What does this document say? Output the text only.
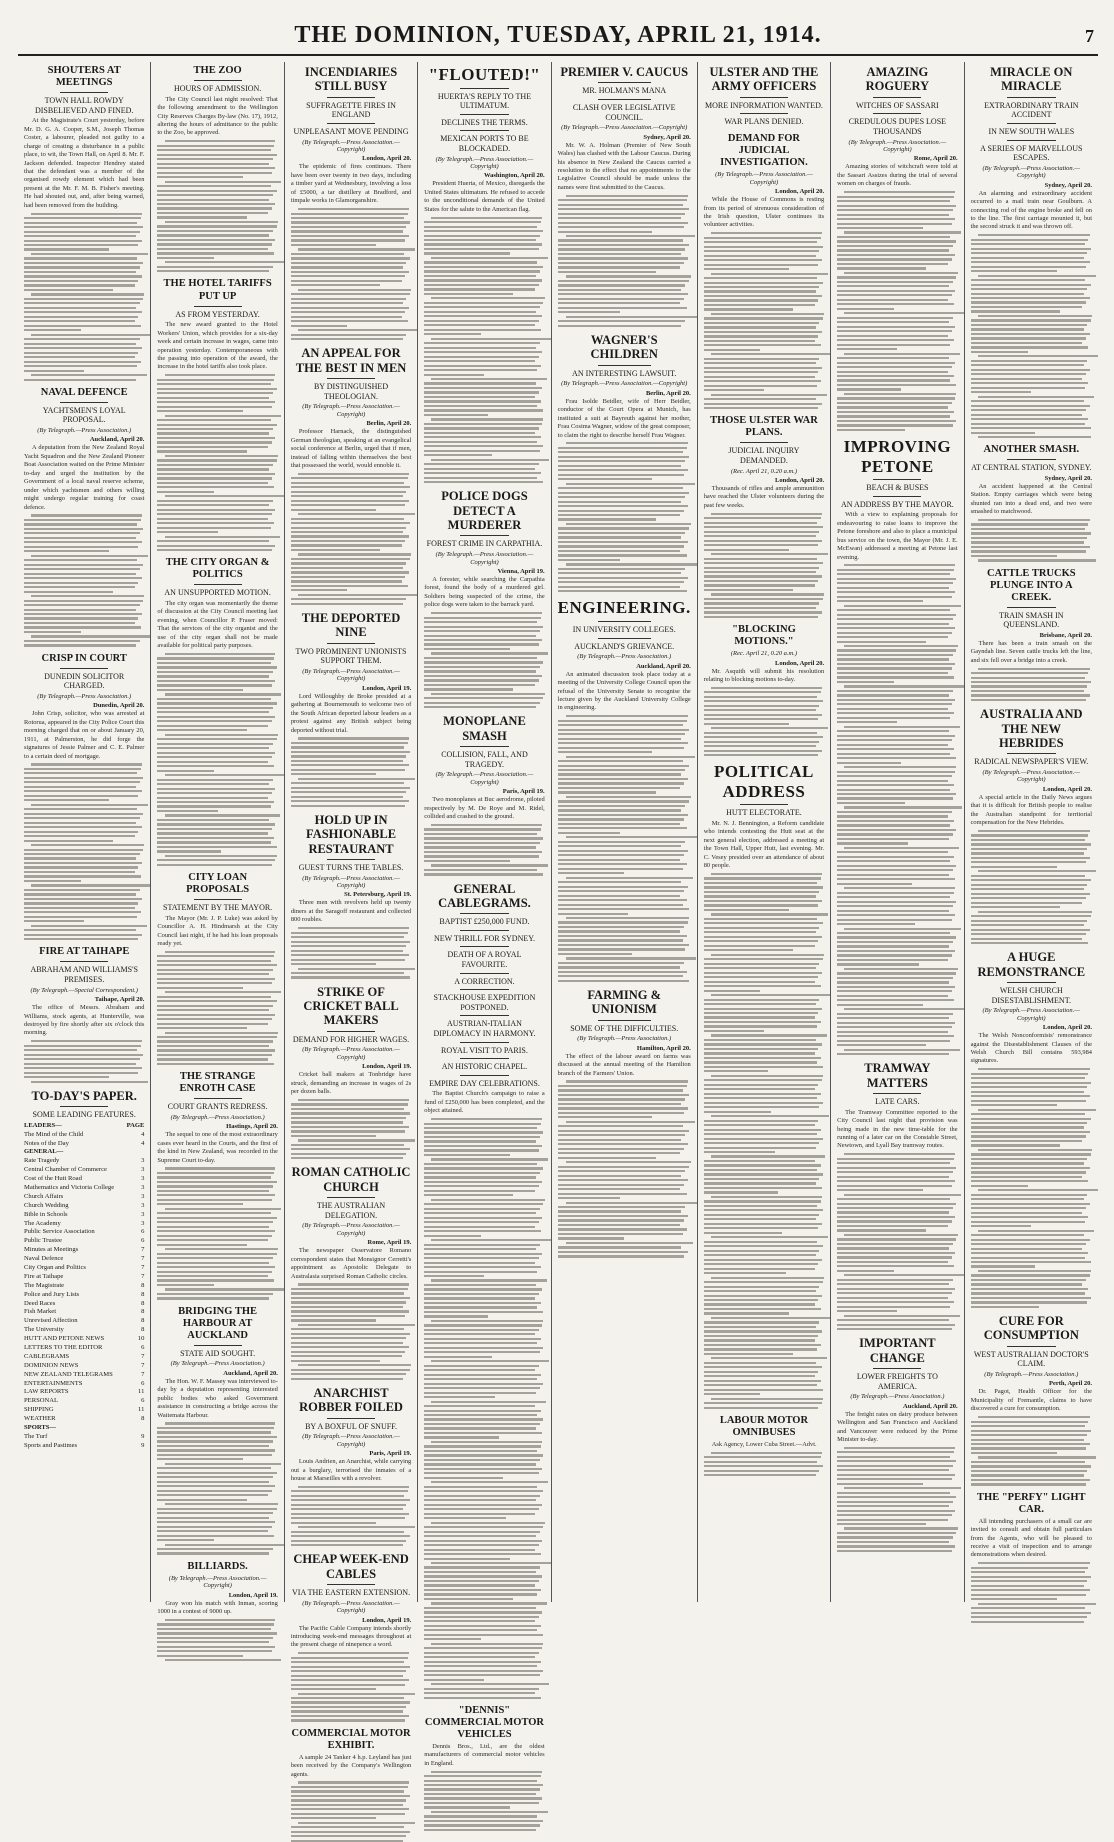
THE DOMINION, TUESDAY, APRIL 21, 1914.	7
SHOUTERS AT MEETINGS
TOWN HALL ROWDY DISBELIEVED AND FINED.

At the Magistrate's Court yesterday, before Mr. D. G. A. Cooper, S.M., Joseph Thomas Coster, a labourer, pleaded not guilty to a charge of creating a disturbance in a public place, to wit, the Town Hall, on April 8. Mr. F. Jackson defended. Inspector Hendrey stated that the defendant was a member of the organised rowdy element which had been present at the Mr. F. M. B. Fisher's meeting. He had shouted out, and, after being warned, had been removed from the building.

NAVAL DEFENCE
YACHTSMEN'S LOYAL PROPOSAL.
(By Telegraph.—Press Association.)
Auckland, April 20.

A deputation from the New Zealand Royal Yacht Squadron and the New Zealand Pioneer Boat Association waited on the Prime Minister to-day and urged the institution by the Government of a local naval reserve scheme, under which yachtsmen and others willing might undergo regular training for coast defence.

CRISP IN COURT
DUNEDIN SOLICITOR CHARGED.
(By Telegraph.—Press Association.)
Dunedin, April 20.

John Crisp, solicitor, who was arrested at Rotorua, appeared in the City Police Court this morning charged that on or about January 20, 1911, at Palmerston, he did forge the signatures of Jessie Palmer and C. E. Palmer to a certain deed of mortgage.

FIRE AT TAIHAPE
ABRAHAM AND WILLIAMS'S PREMISES.
(By Telegraph.—Special Correspondent.)
Taihape, April 20.

The office of Messrs. Abraham and Williams, stock agents, at Hunterville, was destroyed by fire shortly after six o'clock this morning.

TO-DAY'S PAPER.
SOME LEADING FEATURES.
LEADERS—	PAGE
The Mind of the Child	4
Notes of the Day	4
GENERAL—
Rate Tragedy	3
Central Chamber of Commerce	3
Cost of the Hutt Road	3
Mathematics and Victoria College	3
Church Affairs	3
Church Wedding	3
Bible in Schools	3
The Academy	3
Public Service Association	6
Public Trustee	6
Minutes at Meetings	7
Naval Defence	7
City Organ and Politics	7
Fire at Taihape	7
The Magistrate	8
Police and Jury Lists	8
Deed Races	8
Fish Market	8
Unrevised Affection	8
The University	8
HUTT AND PETONE NEWS	10
LETTERS TO THE EDITOR	6
CABLEGRAMS	7
DOMINION NEWS	7
NEW ZEALAND TELEGRAMS	7
ENTERTAINMENTS	6
LAW REPORTS	11
PERSONAL	6
SHIPPING	11
WEATHER	8
SPORTS—
The Turf	9
Sports and Pastimes	9
THE ZOO
HOURS OF ADMISSION.

The City Council last night resolved: That the following amendment to the Wellington City Reserves Charges By-law (No. 17), 1912, altering the hours of admittance to the public to the Zoo, be approved.

THE HOTEL TARIFFS PUT UP
AS FROM YESTERDAY.

The new award granted to the Hotel Workers' Union, which provides for a six-day week and certain increase in wages, came into operation yesterday. Contemporaneous with the passing into operation of the award, the increase in the hotel tariffs also took place.

THE CITY ORGAN & POLITICS
AN UNSUPPORTED MOTION.

The city organ was momentarily the theme of discussion at the City Council meeting last evening, when Councillor P. Fraser moved: That the services of the city organist and the use of the city organ shall not be made available for political party purposes.

CITY LOAN PROPOSALS
STATEMENT BY THE MAYOR.

The Mayor (Mr. J. P. Luke) was asked by Councillor A. H. Hindmarsh at the City Council last night, if he had his loan proposals ready yet.

THE STRANGE ENROTH CASE
COURT GRANTS REDRESS.
(By Telegraph.—Press Association.)
Hastings, April 20.

The sequel to one of the most extraordinary cases ever heard in the Courts, and the first of the kind in New Zealand, was recorded in the Supreme Court to-day.

BRIDGING THE HARBOUR AT AUCKLAND
STATE AID SOUGHT.
(By Telegraph.—Press Association.)
Auckland, April 20.

The Hon. W. F. Massey was interviewed to-day by a deputation representing interested public bodies who asked Government assistance in constructing a bridge across the Waitemata Harbour.

BILLIARDS.
(By Telegraph.—Press Association.—Copyright)
London, April 19.

Gray won his match with Inman, scoring 1000 in a contest of 9000 up.

INCENDIARIES STILL BUSY
SUFFRAGETTE FIRES IN ENGLAND
UNPLEASANT MOVE PENDING
(By Telegraph.—Press Association.—Copyright)
London, April 20.

The epidemic of fires continues. There have been over twenty in two days, including a timber yard at Wednesbury, involving a loss of £5000, a tar distillery at Bradford, and timpale works in Glamorganshire.

AN APPEAL FOR THE BEST IN MEN
BY DISTINGUISHED THEOLOGIAN.
(By Telegraph.—Press Association.—Copyright)
Berlin, April 20.

Professor Harnack, the distinguished German theologian, speaking at an evangelical social conference at Berlin, urged that if men, instead of falling within themselves the best that possessed the world, would ennoble it.

THE DEPORTED NINE
TWO PROMINENT UNIONISTS SUPPORT THEM.
(By Telegraph.—Press Association.—Copyright)
London, April 19.

Lord Willoughby de Broke presided at a gathering at Bournemouth to welcome two of the South African deported labour leaders as a protest against any British subject being deported without trial.

HOLD UP IN FASHIONABLE RESTAURANT
GUEST TURNS THE TABLES.
(By Telegraph.—Press Association.—Copyright)
St. Petersburg, April 19.

Three men with revolvers held up twenty diners at the Saragoff restaurant and collected 800 roubles.

STRIKE OF CRICKET BALL MAKERS
DEMAND FOR HIGHER WAGES.
(By Telegraph.—Press Association.—Copyright)
London, April 19.

Cricket ball makers at Tonbridge have struck, demanding an increase in wages of 2s per dozen balls.

ROMAN CATHOLIC CHURCH
THE AUSTRALIAN DELEGATION.
(By Telegraph.—Press Association.—Copyright)
Rome, April 19.

The newspaper Osservatore Romano correspondent states that Monsignor Cerretti's appointment as Apostolic Delegate to Australasia surprised Roman Catholic circles.

ANARCHIST ROBBER FOILED
BY A BOXFUL OF SNUFF.
(By Telegraph.—Press Association.—Copyright)
Paris, April 19.

Louis Andrien, an Anarchist, while carrying out a burglary, terrorised the inmates of a house at Marseilles with a revolver.

CHEAP WEEK-END CABLES
VIA THE EASTERN EXTENSION.
(By Telegraph.—Press Association.—Copyright)
London, April 19.

The Pacific Cable Company intends shortly introducing week-end messages throughout at the present charge of ninepence a word.

COMMERCIAL MOTOR EXHIBIT.

A sample 24 Tanker 4 h.p. Leyland has just been received by the Company's Wellington agents.

"FLOUTED!"
HUERTA'S REPLY TO THE ULTIMATUM.
DECLINES THE TERMS.
MEXICAN PORTS TO BE BLOCKADED.
(By Telegraph.—Press Association.—Copyright)
Washington, April 20.

President Huerta, of Mexico, disregards the United States ultimatum. He refused to accede to the unconditional demands of the United States for the salute to the American flag.

POLICE DOGS DETECT A MURDERER
FOREST CRIME IN CARPATHIA.
(By Telegraph.—Press Association.—Copyright)
Vienna, April 19.

A forester, while searching the Carpathia forest, found the body of a murdered girl. Soldiers being suspected of the crime, the police dogs were taken to the barrack yard.

MONOPLANE SMASH
COLLISION, FALL, AND TRAGEDY.
(By Telegraph.—Press Association.—Copyright)
Paris, April 19.

Two monoplanes at Buc aerodrome, piloted respectively by M. De Roye and M. Ridel, collided and crashed to the ground.

GENERAL CABLEGRAMS.
BAPTIST £250,000 FUND.
NEW THRILL FOR SYDNEY.
DEATH OF A ROYAL FAVOURITE.
A CORRECTION.
STACKHOUSE EXPEDITION POSTPONED.
AUSTRIAN-ITALIAN DIPLOMACY IN HARMONY.
ROYAL VISIT TO PARIS.
AN HISTORIC CHAPEL.
EMPIRE DAY CELEBRATIONS.

The Baptist Church's campaign to raise a fund of £250,000 has been completed, and the object attained.

"DENNIS" COMMERCIAL MOTOR VEHICLES

Dennis Bros., Ltd., are the oldest manufacturers of commercial motor vehicles in England.

PREMIER V. CAUCUS
MR. HOLMAN'S MANA
CLASH OVER LEGISLATIVE COUNCIL.
(By Telegraph.—Press Association.—Copyright)
Sydney, April 20.

Mr. W. A. Holman (Premier of New South Wales) has clashed with the Labour Caucus. During his absence in New Zealand the Caucus carried a resolution to the effect that no appointments to the Legislative Council should be made unless the names were first submitted to the Caucus.

WAGNER'S CHILDREN
AN INTERESTING LAWSUIT.
(By Telegraph.—Press Association.—Copyright)
Berlin, April 20.

Frau Isolde Beidler, wife of Herr Beidler, conductor of the Court Opera at Munich, has instituted a suit at Bayreuth against her mother, Frau Cosima Wagner, widow of the great composer, to claim the right to describe herself Frau Wagner.

ENGINEERING.
IN UNIVERSITY COLLEGES.
AUCKLAND'S GRIEVANCE.
(By Telegraph.—Press Association.)
Auckland, April 20.

An animated discussion took place today at a meeting of the University College Council upon the refusal of the University Senate to recognise the lecture given by the Auckland University College in engineering.

FARMING & UNIONISM
SOME OF THE DIFFICULTIES.
(By Telegraph.—Press Association.)
Hamilton, April 20.

The effect of the labour award on farms was discussed at the annual meeting of the Hamilton branch of the Farmers' Union.

ULSTER AND THE ARMY OFFICERS
MORE INFORMATION WANTED.
WAR PLANS DENIED.
DEMAND FOR JUDICIAL INVESTIGATION.
(By Telegraph.—Press Association.—Copyright)
London, April 20.

While the House of Commons is resting from its period of strenuous consideration of the Irish question, Ulster continues its volunteer activities.

THOSE ULSTER WAR PLANS.
JUDICIAL INQUIRY DEMANDED.
(Rec. April 21, 0.20 a.m.)
London, April 20.

Thousands of rifles and ample ammunition have reached the Ulster volunteers during the past few weeks.

"BLOCKING MOTIONS."
(Rec. April 21, 0.20 a.m.)
London, April 20.

Mr. Asquith will submit his resolution relating to blocking motions to-day.

POLITICAL ADDRESS
HUTT ELECTORATE.

Mr. N. J. Bennington, a Reform candidate who intends contesting the Hutt seat at the next general election, addressed a meeting at the Town Hall, Upper Hutt, last evening. Mr. C. Vesey presided over an attendance of about 80 people.

LABOUR MOTOR OMNIBUSES

Ask Agency, Lower Cuba Street.—Advt.

AMAZING ROGUERY
WITCHES OF SASSARI
CREDULOUS DUPES LOSE THOUSANDS
(By Telegraph.—Press Association.—Copyright)
Rome, April 20.

Amazing stories of witchcraft were told at the Sassari Assizes during the trial of several women on charges of frauds.

IMPROVING PETONE
BEACH & BUSES
AN ADDRESS BY THE MAYOR.

With a view to explaining proposals for endeavouring to raise loans to improve the Petone foreshore and also to place a municipal bus service on the town, the Mayor (Mr. J. E. McEwan) addressed a meeting at Petone last evening.

TRAMWAY MATTERS
LATE CARS.

The Tramway Committee reported to the City Council last night that provision was being made in the new time-table for the running of a later car on the Constable Street, Newtown, and Lyall Bay tramway routes.

IMPORTANT CHANGE
LOWER FREIGHTS TO AMERICA.
(By Telegraph.—Press Association.)
Auckland, April 20.

The freight rates on dairy produce between Wellington and San Francisco and Auckland and Vancouver were reduced by the Prime Minister to-day.

MIRACLE ON MIRACLE
EXTRAORDINARY TRAIN ACCIDENT
IN NEW SOUTH WALES
A SERIES OF MARVELLOUS ESCAPES.
(By Telegraph.—Press Association.—Copyright)
Sydney, April 20.

An alarming and extraordinary accident occurred to a mail train near Goulburn. A connecting rod of the engine broke and fell on to the line. The first carriage mounted it, but the second struck it and was thrown off.

ANOTHER SMASH.
AT CENTRAL STATION, SYDNEY.
Sydney, April 20.

An accident happened at the Central Station. Empty carriages which were being shunted ran into a dead end, and two were smashed to matchwood.

CATTLE TRUCKS PLUNGE INTO A CREEK.
TRAIN SMASH IN QUEENSLAND.
Brisbane, April 20.

There has been a train smash on the Gayndah line. Seven cattle trucks left the line, and six fell over a bridge into a creek.

AUSTRALIA AND THE NEW HEBRIDES
RADICAL NEWSPAPER'S VIEW.
(By Telegraph.—Press Association.—Copyright)
London, April 20.

A special article in the Daily News argues that it is difficult for British people to realise the Australian standpoint for territorial compensation for the New Hebrides.

A HUGE REMONSTRANCE
WELSH CHURCH DISESTABLISHMENT.
(By Telegraph.—Press Association.—Copyright)
London, April 20.

The Welsh Nonconformists' remonstrance against the Disestablishment Clauses of the Welsh Church Bill contains 593,984 signatures.

CURE FOR CONSUMPTION
WEST AUSTRALIAN DOCTOR'S CLAIM.
(By Telegraph.—Press Association.)
Perth, April 20.

Dr. Pagot, Health Officer for the Municipality of Fremantle, claims to have discovered a cure for consumption.

THE "PERFY" LIGHT CAR.

All intending purchasers of a small car are invited to consult and obtain full particulars from the Agents, who will be pleased to receive a visit of inspection and to arrange demonstrations when desired.
